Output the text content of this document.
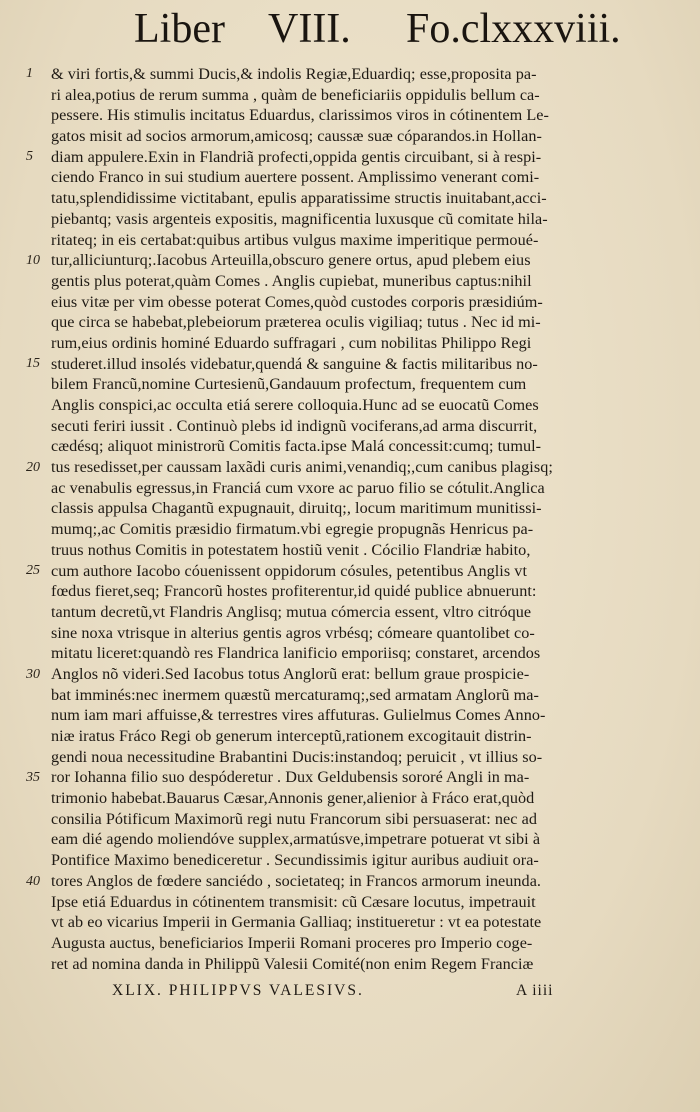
Liber VIII. Fo.clxxxviii.
1
5
10
15
20
25
30
35
40
& viri fortis,& summi Ducis,& indolis Regiæ,Eduardiq; esse,proposita pa-
ri alea,potius de rerum summa , quàm de beneficiariis oppidulis bellum ca-
pessere. His stimulis incitatus Eduardus, clarissimos viros in cótinentem Le-
gatos misit ad socios armorum,amicosq; caussæ suæ cóparandos.in Hollan-
diam appulere.Exin in Flandriã profecti,oppida gentis circuibant, si à respi-
ciendo Franco in sui studium auertere possent. Amplissimo venerant comi-
tatu,splendidissime victitabant, epulis apparatissime structis inuitabant,acci-
piebantq; vasis argenteis expositis, magnificentia luxusque cũ comitate hila-
ritateq; in eis certabat:quibus artibus vulgus maxime imperitique permoué-
tur,alliciunturq;.Iacobus Arteuilla,obscuro genere ortus, apud plebem eius
gentis plus poterat,quàm Comes . Anglis cupiebat, muneribus captus:nihil
eius vitæ per vim obesse poterat Comes,quòd custodes corporis præsidiúm-
que circa se habebat,plebeiorum præterea oculis vigiliaq; tutus . Nec id mi-
rum,eius ordinis hominé Eduardo suffragari , cum nobilitas Philippo Regi
studeret.illud insolés videbatur,quendá & sanguine & factis militaribus no-
bilem Francũ,nomine Curtesienũ,Gandauum profectum, frequentem cum
Anglis conspici,ac occulta etiá serere colloquia.Hunc ad se euocatũ Comes
secuti feriri iussit . Continuò plebs id indignũ vociferans,ad arma discurrit,
cædésq; aliquot ministrorũ Comitis facta.ipse Malá concessit:cumq; tumul-
tus resedisset,per caussam laxãdi curis animi,venandiq;,cum canibus plagisq;
ac venabulis egressus,in Franciá cum vxore ac paruo filio se cótulit.Anglica
classis appulsa Chagantũ expugnauit, diruitq;, locum maritimum munitissi-
mumq;,ac Comitis præsidio firmatum.vbi egregie propugnãs Henricus pa-
truus nothus Comitis in potestatem hostiũ venit . Cócilio Flandriæ habito,
cum authore Iacobo cóuenissent oppidorum cósules, petentibus Anglis vt
fœdus fieret,seq; Francorũ hostes profiterentur,id quidé publice abnuerunt:
tantum decretũ,vt Flandris Anglisq; mutua cómercia essent, vltro citróque
sine noxa vtrisque in alterius gentis agros vrbésq; cómeare quantolibet co-
mitatu liceret:quandò res Flandrica lanificio emporiisq; constaret, arcendos
Anglos nõ videri.Sed Iacobus totus Anglorũ erat: bellum graue prospicie-
bat imminés:nec inermem quæstũ mercaturamq;,sed armatam Anglorũ ma-
num iam mari affuisse,& terrestres vires affuturas. Gulielmus Comes Anno-
niæ iratus Fráco Regi ob generum interceptũ,rationem excogitauit distrin-
gendi noua necessitudine Brabantini Ducis:instandoq; peruicit , vt illius so-
ror Iohanna filio suo despóderetur . Dux Geldubensis sororé Angli in ma-
trimonio habebat.Bauarus Cæsar,Annonis gener,alienior à Fráco erat,quòd
consilia Pótificum Maximorũ regi nutu Francorum sibi persuaserat: nec ad
eam dié agendo moliendóve supplex,armatúsve,impetrare potuerat vt sibi à
Pontifice Maximo benediceretur . Secundissimis igitur auribus audiuit ora-
tores Anglos de fœdere sanciédo , societateq; in Francos armorum ineunda.
Ipse etiá Eduardus in cótinentem transmisit: cũ Cæsare locutus, impetrauit
vt ab eo vicarius Imperii in Germania Galliaq; institueretur : vt ea potestate
Augusta auctus, beneficiarios Imperii Romani proceres pro Imperio coge-
ret ad nomina danda in Philippũ Valesii Comité(non enim Regem Franciæ
XLIX. PHILIPPVS VALESIVS.	A iiii
